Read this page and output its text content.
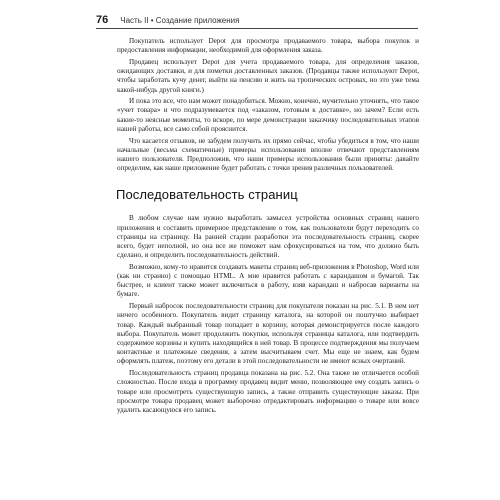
76 Часть II • Создание приложения

Покупатель использует Depot для просмотра продаваемого товара, выбора покупок и предоставления информации, необходимой для оформления заказа.

Продавец использует Depot для учета продаваемого товара, для определения заказов, ожидающих доставки, и для пометки доставленных заказов. (Продавцы также используют Depot, чтобы заработать кучу денег, выйти на пенсию и жить на тропических островах, но это уже тема какой-нибудь другой книги.)

И пока это все, что нам может понадобиться. Можно, конечно, мучительно уточнять, что такое «учет товара» и что подразумевается под «заказом, готовым к доставке», но зачем? Если есть какие-то неясные моменты, то вскоре, по мере демонстрации заказчику последовательных этапов нашей работы, все само собой прояснится.

Что касается отзывов, не забудем получить их прямо сейчас, чтобы убедиться в том, что наши начальные (весьма схематичные) примеры использования вполне отвечают представлениям нашего пользователя. Предположив, что наши примеры использования были приняты: давайте определим, как наше приложение будет работать с точки зрения различных пользователей.

Последовательность страниц

В любом случае нам нужно выработать замысел устройства основных страниц нашего приложения и составить примерное представление о том, как пользователи будут переходить со страницы на страницу. На ранней стадии разработки эта последовательность страниц, скорее всего, будет неполной, но она все же поможет нам сфокусироваться на том, что должно быть сделано, и определить последовательность действий.

Возможно, кому-то нравится создавать макеты страниц веб-приложения в Photoshop, Word или (как ни странно) с помощью HTML. А мне нравится работать с карандашом и бумагой. Так быстрее, и клиент также может включиться в работу, взяв карандаш и набросав варианты на бумаге.

Первый набросок последовательности страниц для покупателя показан на рис. 5.1. В нем нет ничего особенного. Покупатель видит страницу каталога, на которой он поштучно выбирает товар. Каждый выбранный товар попадает в корзину, которая демонстрируется после каждого выбора. Покупатель может продолжить покупки, используя страницы каталога, или подтвердить содержимое корзины и купить находящийся в ней товар. В процессе подтверждения мы получаем контактные и платежные сведения, а затем высчитываем счет. Мы еще не знаем, как будем оформлять платеж, поэтому его детали в этой последовательности не имеют ясных очертаний.

Последовательность страниц продавца показана на рис. 5.2. Она также не отличается особой сложностью. После входа в программу продавец видит меню, позволяющее ему создать запись о товаре или просмотреть существующую запись, а также отправить существующие заказы. При просмотре товара продавец может выборочно отредактировать информацию о товаре или вовсе удалить касающуюся его запись.
